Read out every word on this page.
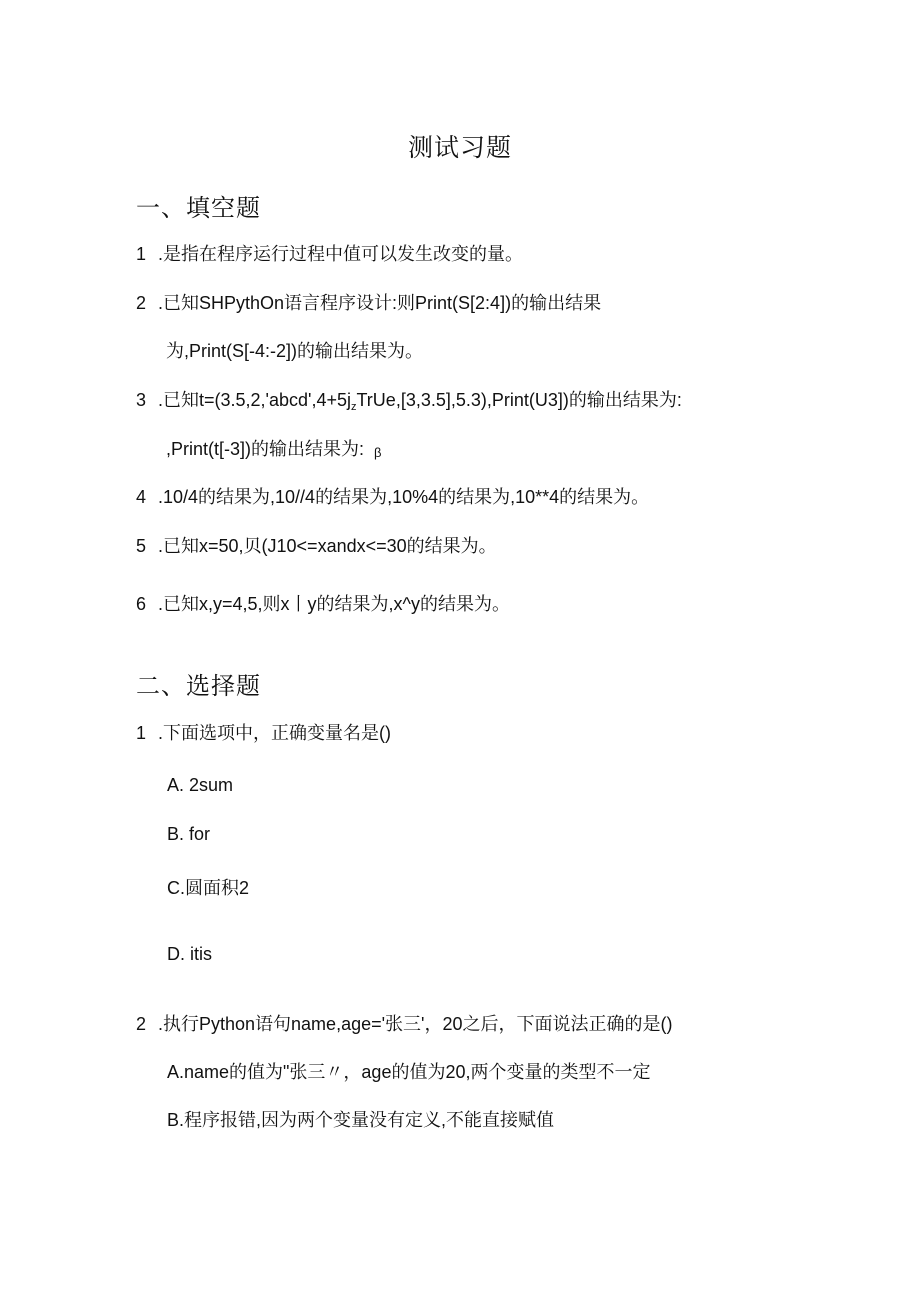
测试习题
一、填空题
1 .是指在程序运行过程中值可以发生改变的量。
2 .已知SHPythOn语言程序设计:则Print(S[2:4])的输出结果
为,Print(S[-4:-2])的输出结果为。
3 .已知$t=(3.5,2,'abcd',4+5j_zTrUe,[3,3.5],5.3),Print(U3]$)的输出结果为:
,Print(t[-3])的输出结果为: β
4 .10/4的结果为,10//4的结果为,10%4的结果为,10**4的结果为。
5 .已知x=50,贝(J10<=xandx<=30的结果为。
6 .已知x,y=4,5,则x丨y的结果为,x^y的结果为。
二、选择题
1 .下面选项中，正确变量名是()
A. 2sum
B. for
C.圆面积2
D. itis
2 .执行Python语句name,age='张三'，20之后，下面说法正确的是()
A.name的值为"张三〃，age的值为20,两个变量的类型不一定
B.程序报错,因为两个变量没有定义,不能直接赋值
